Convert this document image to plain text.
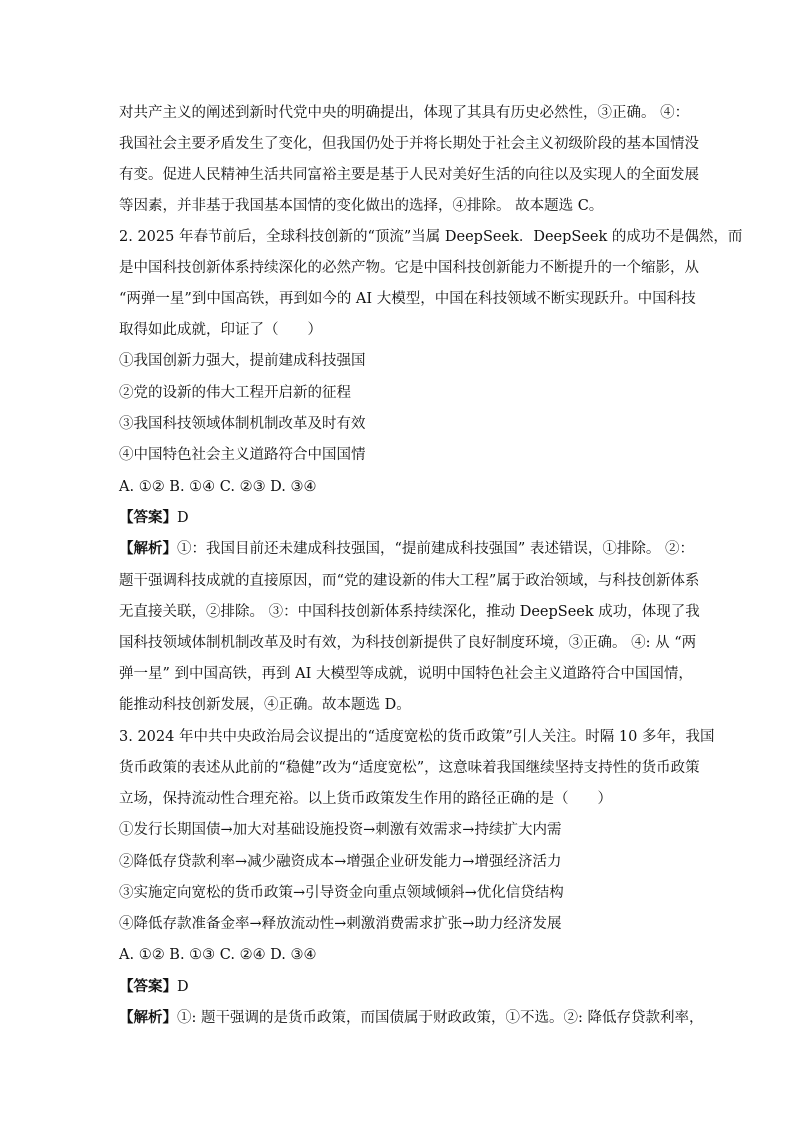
对共产主义的阐述到新时代党中央的明确提出，体现了其具有历史必然性，③正确。 ④：
我国社会主要矛盾发生了变化，但我国仍处于并将长期处于社会主义初级阶段的基本国情没
有变。促进人民精神生活共同富裕主要是基于人民对美好生活的向往以及实现人的全面发展
等因素，并非基于我国基本国情的变化做出的选择，④排除。 故本题选 C。
2. 2025 年春节前后，全球科技创新的“顶流”当属 DeepSeek．DeepSeek 的成功不是偶然，而
是中国科技创新体系持续深化的必然产物。它是中国科技创新能力不断提升的一个缩影，从
“两弹一星”到中国高铁，再到如今的 AI 大模型，中国在科技领域不断实现跃升。中国科技
取得如此成就，印证了（　　）
①我国创新力强大，提前建成科技强国
②党的设新的伟大工程开启新的征程
③我国科技领域体制机制改革及时有效
④中国特色社会主义道路符合中国国情
A. ①② B. ①④ C. ②③ D. ③④
【答案】D
【解析】①：我国目前还未建成科技强国，“提前建成科技强国” 表述错误，①排除。 ②：
题干强调科技成就的直接原因，而“党的建设新的伟大工程”属于政治领域，与科技创新体系
无直接关联，②排除。 ③：中国科技创新体系持续深化，推动 DeepSeek 成功，体现了我
国科技领域体制机制改革及时有效，为科技创新提供了良好制度环境，③正确。 ④: 从 “两
弹一星” 到中国高铁，再到 AI 大模型等成就，说明中国特色社会主义道路符合中国国情，
能推动科技创新发展，④正确。故本题选 D。
3. 2024 年中共中央政治局会议提出的“适度宽松的货币政策”引人关注。时隔 10 多年，我国
货币政策的表述从此前的“稳健”改为“适度宽松”，这意味着我国继续坚持支持性的货币政策
立场，保持流动性合理充裕。以上货币政策发生作用的路径正确的是（　　）
①发行长期国债→加大对基础设施投资→刺激有效需求→持续扩大内需
②降低存贷款利率→减少融资成本→增强企业研发能力→增强经济活力
③实施定向宽松的货币政策→引导资金向重点领域倾斜→优化信贷结构
④降低存款准备金率→释放流动性→刺激消费需求扩张→助力经济发展
A. ①② B. ①③ C. ②④ D. ③④
【答案】D
【解析】①: 题干强调的是货币政策，而国债属于财政政策，①不选。②: 降低存贷款利率，
